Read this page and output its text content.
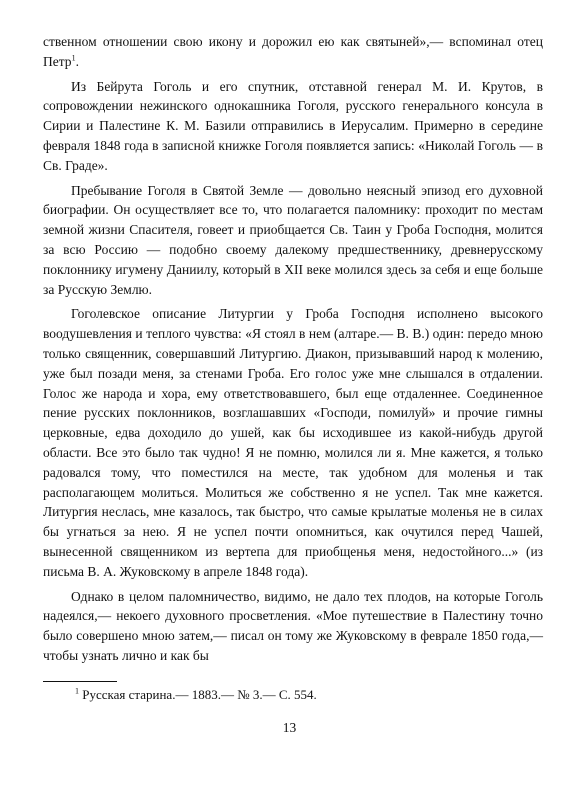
ственном отношении свою икону и дорожил ею как святыней»,— вспоминал отец Петр$^1$.

Из Бейрута Гоголь и его спутник, отставной генерал М. И. Крутов, в сопровождении нежинского однокашника Гоголя, русского генерального консула в Сирии и Палестине К. М. Базили отправились в Иерусалим. Примерно в середине февраля 1848 года в записной книжке Гоголя появляется запись: «Николай Гоголь — в Св. Граде».

Пребывание Гоголя в Святой Земле — довольно неясный эпизод его духовной биографии. Он осуществляет все то, что полагается паломнику: проходит по местам земной жизни Спасителя, говеет и приобщается Св. Таин у Гроба Господня, молится за всю Россию — подобно своему далекому предшественнику, древнерусскому поклоннику игумену Даниилу, который в XII веке молился здесь за себя и еще больше за Русскую Землю.

Гоголевское описание Литургии у Гроба Господня исполнено высокого воодушевления и теплого чувства: «Я стоял в нем (алтаре.— В. В.) один: передо мною только священник, совершавший Литургию. Диакон, призывавший народ к молению, уже был позади меня, за стенами Гроба. Его голос уже мне слышался в отдалении. Голос же народа и хора, ему ответствовавшего, был еще отдаленнее. Соединенное пение русских поклонников, возглашавших «Господи, помилуй» и прочие гимны церковные, едва доходило до ушей, как бы исходившее из какой-нибудь другой области. Все это было так чудно! Я не помню, молился ли я. Мне кажется, я только радовался тому, что поместился на месте, так удобном для моленья и так располагающем молиться. Молиться же собственно я не успел. Так мне кажется. Литургия неслась, мне казалось, так быстро, что самые крылатые моленья не в силах бы угнаться за нею. Я не успел почти опомниться, как очутился перед Чашей, вынесенной священником из вертепа для приобщенья меня, недостойного...» (из письма В. А. Жуковскому в апреле 1848 года).

Однако в целом паломничество, видимо, не дало тех плодов, на которые Гоголь надеялся,— некоего духовного просветления. «Мое путешествие в Палестину точно было совершено мною затем,— писал он тому же Жуковскому в феврале 1850 года,— чтобы узнать лично и как бы

$^1$ Русская старина.— 1883.— № 3.— С. 554.
13
